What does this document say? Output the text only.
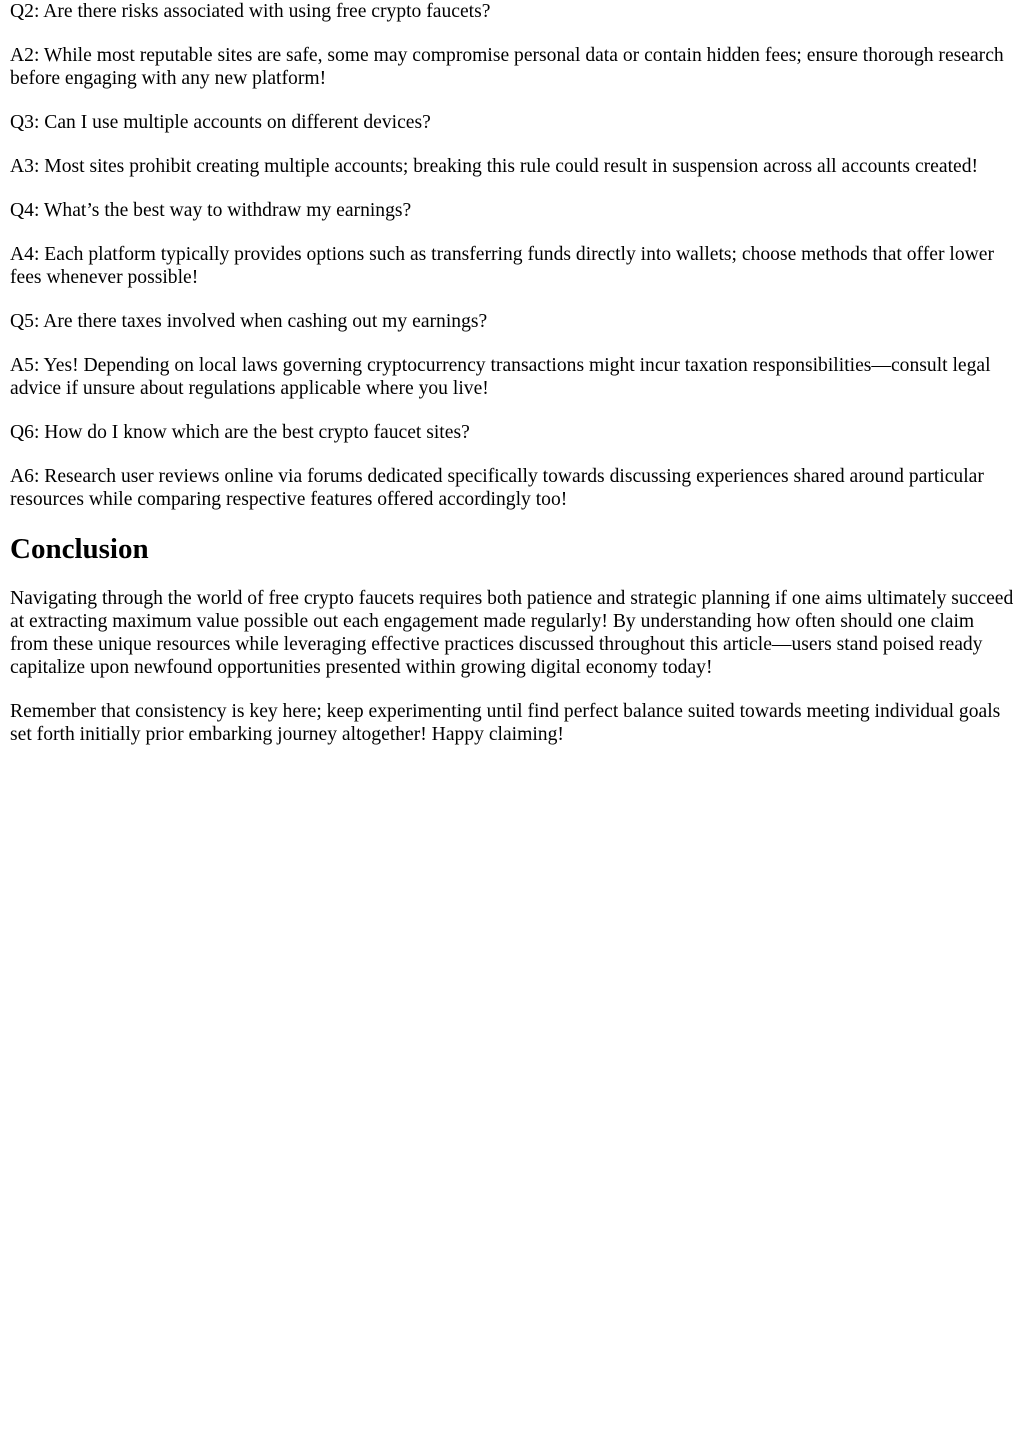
Q2: Are there risks associated with using free crypto faucets?

A2: While most reputable sites are safe, some may compromise personal data or contain hidden fees; ensure thorough research before engaging with any new platform!

Q3: Can I use multiple accounts on different devices?

A3: Most sites prohibit creating multiple accounts; breaking this rule could result in suspension across all accounts created!

Q4: What’s the best way to withdraw my earnings?

A4: Each platform typically provides options such as transferring funds directly into wallets; choose methods that offer lower fees whenever possible!

Q5: Are there taxes involved when cashing out my earnings?

A5: Yes! Depending on local laws governing cryptocurrency transactions might incur taxation responsibilities—consult legal advice if unsure about regulations applicable where you live!

Q6: How do I know which are the best crypto faucet sites?

A6: Research user reviews online via forums dedicated specifically towards discussing experiences shared around particular resources while comparing respective features offered accordingly too!

Conclusion

Navigating through the world of free crypto faucets requires both patience and strategic planning if one aims ultimately succeed at extracting maximum value possible out each engagement made regularly! By understanding how often should one claim from these unique resources while leveraging effective practices discussed throughout this article—users stand poised ready capitalize upon newfound opportunities presented within growing digital economy today!

Remember that consistency is key here; keep experimenting until find perfect balance suited towards meeting individual goals set forth initially prior embarking journey altogether! Happy claiming!
